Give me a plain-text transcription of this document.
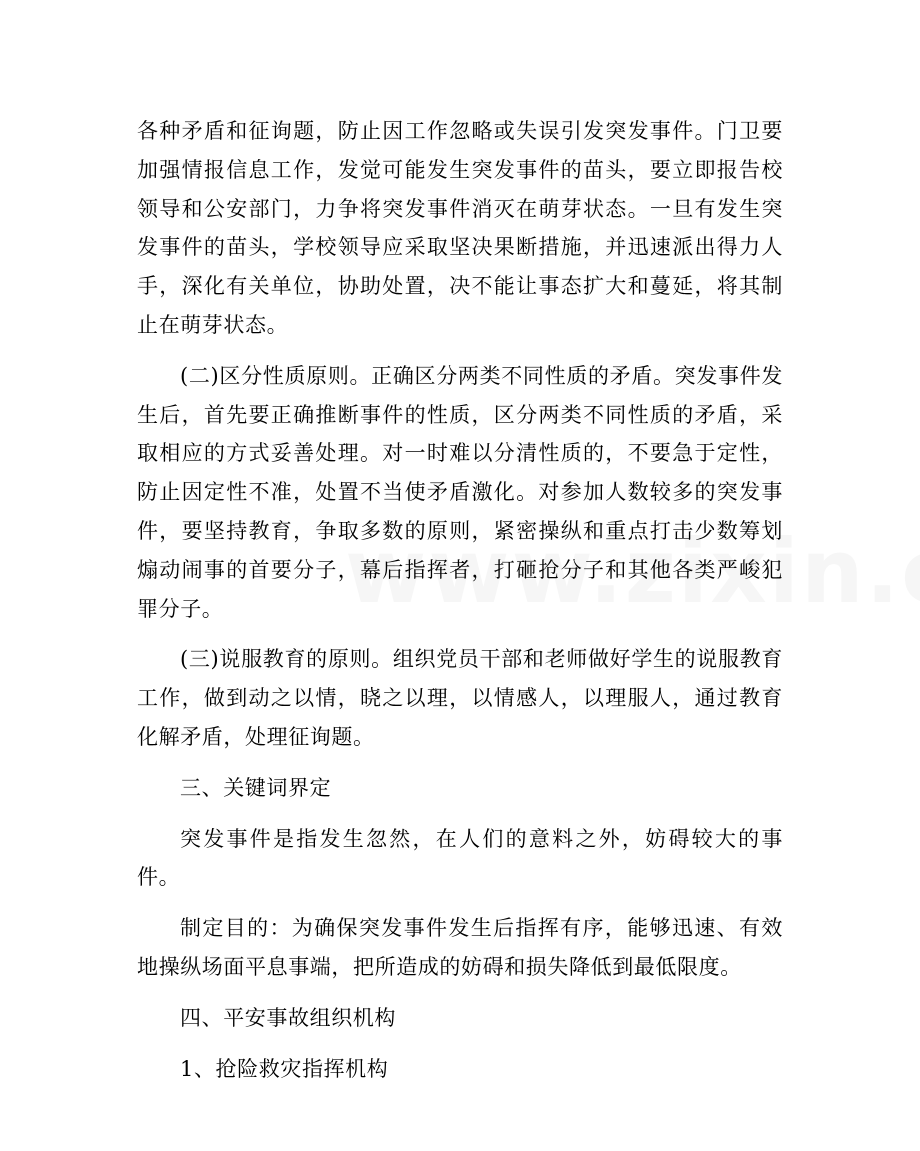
各种矛盾和征询题，防止因工作忽略或失误引发突发事件。门卫要加强情报信息工作，发觉可能发生突发事件的苗头，要立即报告校领导和公安部门，力争将突发事件消灭在萌芽状态。一旦有发生突发事件的苗头，学校领导应采取坚决果断措施，并迅速派出得力人手，深化有关单位，协助处置，决不能让事态扩大和蔓延，将其制止在萌芽状态。

(二)区分性质原则。正确区分两类不同性质的矛盾。突发事件发生后，首先要正确推断事件的性质，区分两类不同性质的矛盾，采取相应的方式妥善处理。对一时难以分清性质的，不要急于定性，防止因定性不准，处置不当使矛盾激化。对参加人数较多的突发事件，要坚持教育，争取多数的原则，紧密操纵和重点打击少数筹划煽动闹事的首要分子，幕后指挥者，打砸抢分子和其他各类严峻犯罪分子。

(三)说服教育的原则。组织党员干部和老师做好学生的说服教育工作，做到动之以情，晓之以理，以情感人，以理服人，通过教育化解矛盾，处理征询题。

三、关键词界定

突发事件是指发生忽然，在人们的意料之外，妨碍较大的事件。

制定目的：为确保突发事件发生后指挥有序，能够迅速、有效地操纵场面平息事端，把所造成的妨碍和损失降低到最低限度。

四、平安事故组织机构

1、抢险救灾指挥机构
